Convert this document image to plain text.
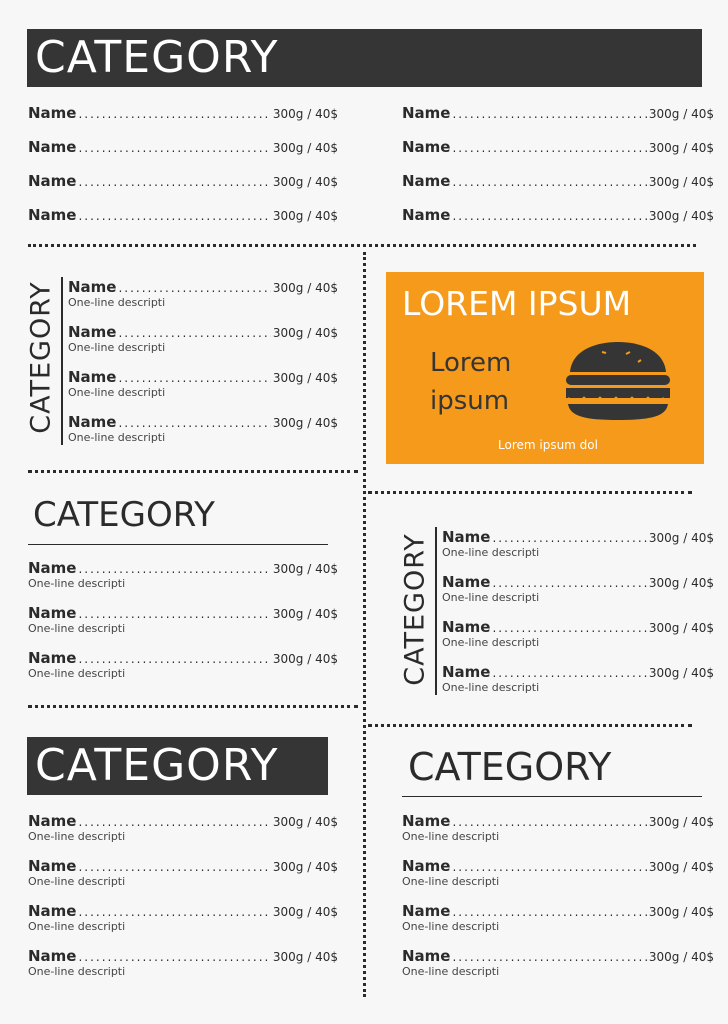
CATEGORY
Name .....	300g / 40$
Name .....	300g / 40$
Name .....	300g / 40$
Name .....	300g / 40$
Name .....	300g / 40$
Name .....	300g / 40$
Name .....	300g / 40$
Name .....	300g / 40$
CATEGORY Name .....	300g / 40$
One-line descripti
Name .....	300g / 40$
One-line descripti
Name .....	300g / 40$
One-line descripti
Name .....	300g / 40$
One-line descripti
LOREM IPSUM
Lorem ipsum
Lorem ipsum dol
CATEGORY
Name .....	300g / 40$
One-line descripti
Name .....	300g / 40$
One-line descripti
Name .....	300g / 40$
One-line descripti	CATEGORY Name .....	300g / 40$
One-line descripti
Name .....	300g / 40$
One-line descripti
Name .....	300g / 40$
One-line descripti
Name .....	300g / 40$
One-line descripti
CATEGORY
Name .....	300g / 40$
One-line descripti
Name .....	300g / 40$
One-line descripti
Name .....	300g / 40$
One-line descripti
Name .....	300g / 40$
One-line descripti
CATEGORY
Name .....	300g / 40$
One-line descripti
Name .....	300g / 40$
One-line descripti
Name .....	300g / 40$
One-line descripti
Name .....	300g / 40$
One-line descripti
